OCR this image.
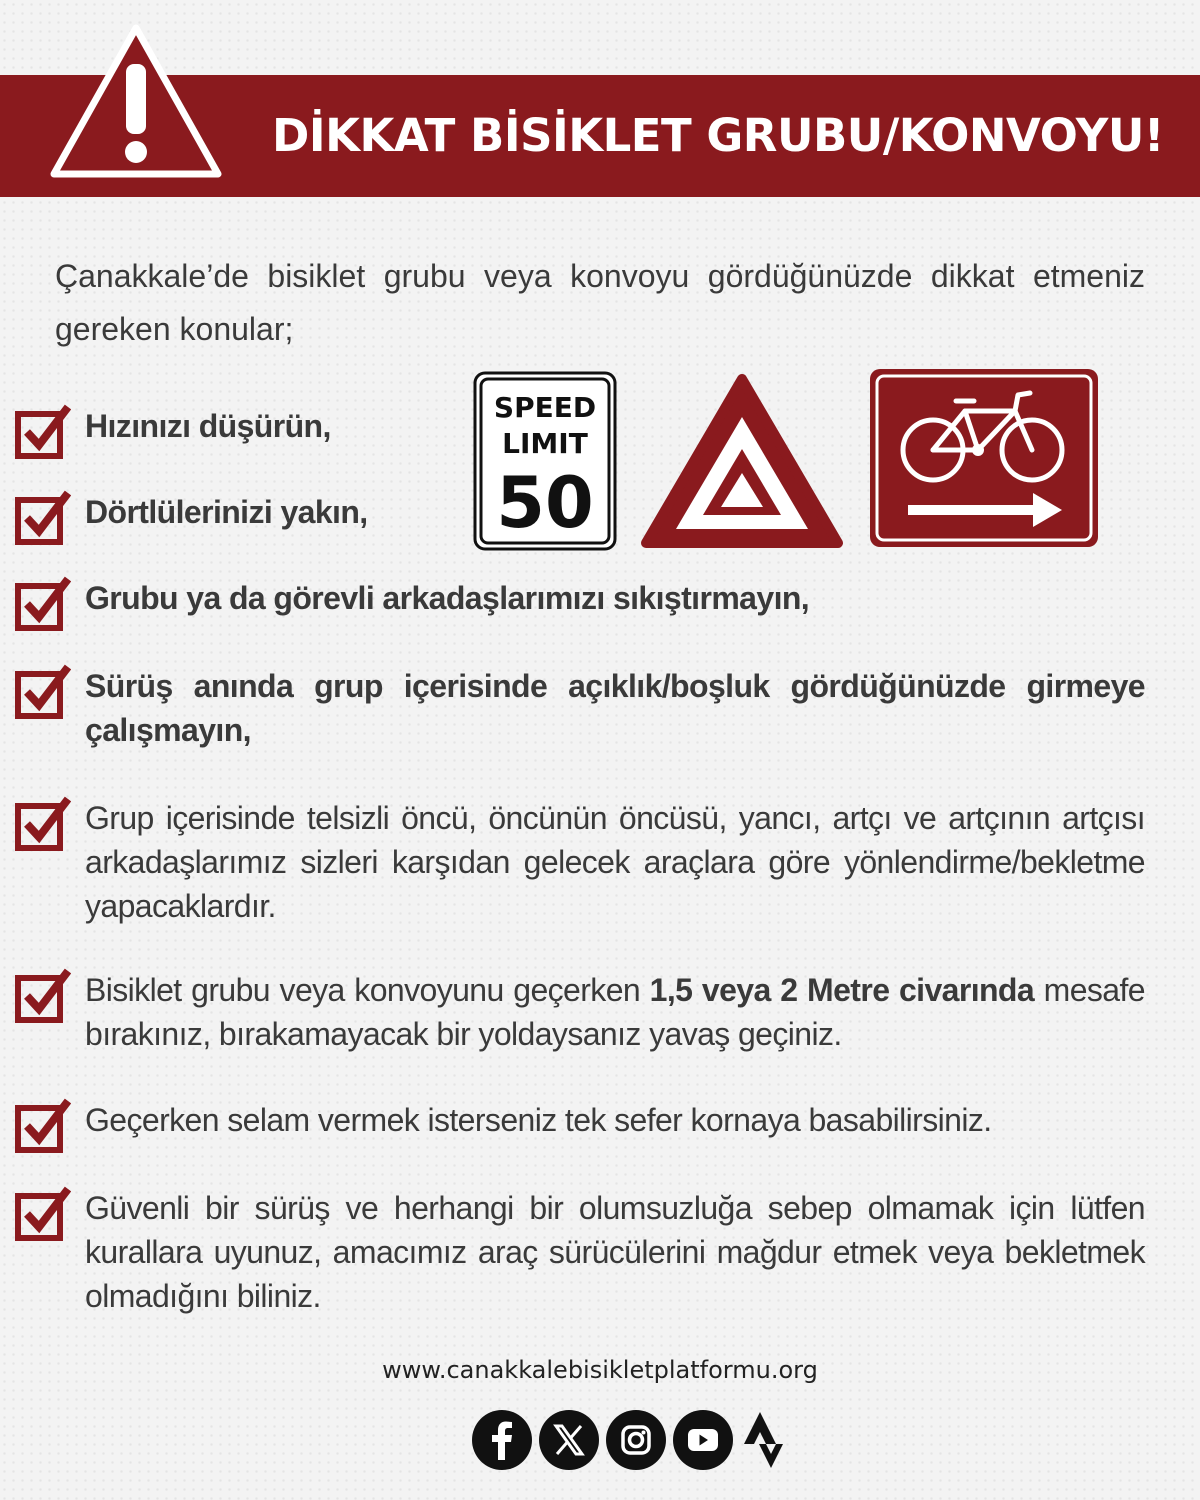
DİKKAT BİSİKLET GRUBU/KONVOYU!
Çanakkale’de bisiklet grubu veya konvoyu gördüğünüzde dikkat etmeniz gereken konular;
SPEED
LIMIT
50
Hızınızı düşürün,
Dörtlülerinizi yakın,
Grubu ya da görevli arkadaşlarımızı sıkıştırmayın,
Sürüş anında grup içerisinde açıklık/boşluk gördüğünüzde girmeye çalışmayın,
Grup içerisinde telsizli öncü, öncünün öncüsü, yancı, artçı ve artçının artçısı arkadaşlarımız sizleri karşıdan gelecek araçlara göre yönlendirme/bekletme yapacaklardır.
Bisiklet grubu veya konvoyunu geçerken 1,5 veya 2 Metre civarında mesafe bırakınız, bırakamayacak bir yoldaysanız yavaş geçiniz.
Geçerken selam vermek isterseniz tek sefer kornaya basabilirsiniz.
Güvenli bir sürüş ve herhangi bir olumsuzluğa sebep olmamak için lütfen kurallara uyunuz, amacımız araç sürücülerini mağdur etmek veya bekletmek olmadığını biliniz.
www.canakkalebisikletplatformu.org
